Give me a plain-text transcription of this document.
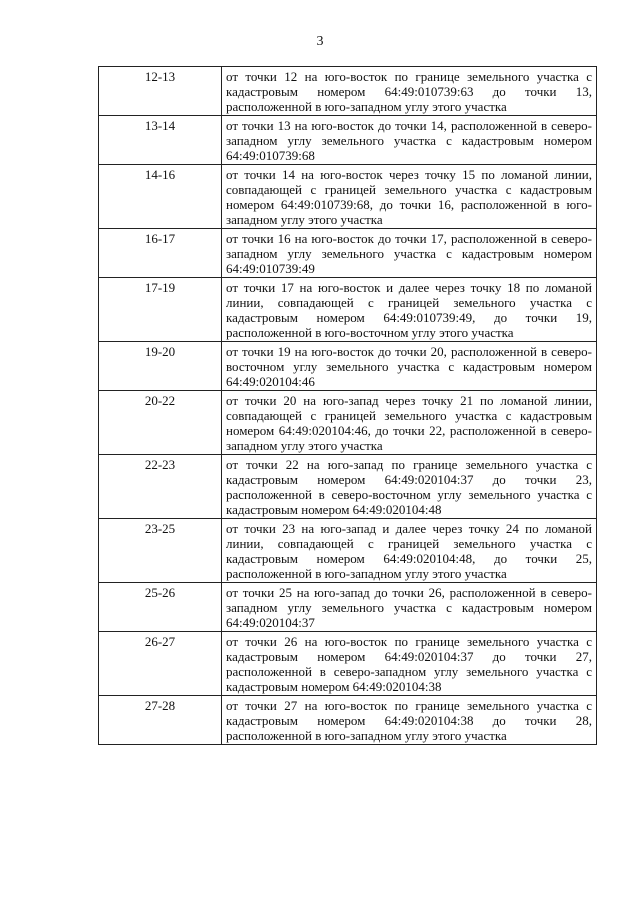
3
12-13	от точки 12 на юго-восток по границе земельного участка с кадастровым номером 64:49:010739:63 до точки 13, расположенной в юго-западном углу этого участка
13-14	от точки 13 на юго-восток до точки 14, расположенной в северо-западном углу земельного участка с кадастровым номером 64:49:010739:68
14-16	от точки 14 на юго-восток через точку 15 по ломаной линии, совпадающей с границей земельного участка с кадастровым номером 64:49:010739:68, до точки 16, расположенной в юго-западном углу этого участка
16-17	от точки 16 на юго-восток до точки 17, расположенной в северо-западном углу земельного участка с кадастровым номером 64:49:010739:49
17-19	от точки 17 на юго-восток и далее через точку 18 по ломаной линии, совпадающей с границей земельного участка с кадастровым номером 64:49:010739:49, до точки 19, расположенной в юго-восточном углу этого участка
19-20	от точки 19 на юго-восток до точки 20, расположенной в северо-восточном углу земельного участка с кадастровым номером 64:49:020104:46
20-22	от точки 20 на юго-запад через точку 21 по ломаной линии, совпадающей с границей земельного участка с кадастровым номером 64:49:020104:46, до точки 22, расположенной в северо-западном углу этого участка
22-23	от точки 22 на юго-запад по границе земельного участка с кадастровым номером 64:49:020104:37 до точки 23, расположенной в северо-восточном углу земельного участка с кадастровым номером 64:49:020104:48
23-25	от точки 23 на юго-запад и далее через точку 24 по ломаной линии, совпадающей с границей земельного участка с кадастровым номером 64:49:020104:48, до точки 25, расположенной в юго-западном углу этого участка
25-26	от точки 25 на юго-запад до точки 26, расположенной в северо-западном углу земельного участка с кадастровым номером 64:49:020104:37
26-27	от точки 26 на юго-восток по границе земельного участка с кадастровым номером 64:49:020104:37 до точки 27, расположенной в северо-западном углу земельного участка с кадастровым номером 64:49:020104:38
27-28	от точки 27 на юго-восток по границе земельного участка с кадастровым номером 64:49:020104:38 до точки 28, расположенной в юго-западном углу этого участка
